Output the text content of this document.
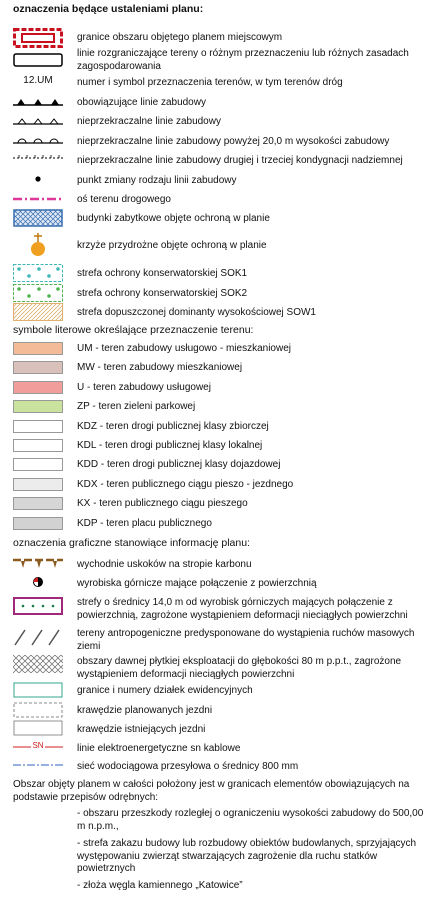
oznaczenia będące ustaleniami planu:
granice obszaru objętego planem miejscowym
linie rozgraniczające tereny o różnym przeznaczeniu lub różnych zasadach zagospodarowania
12.UM	numer i symbol przeznaczenia terenów, w tym terenów dróg
obowiązujące linie zabudowy
nieprzekraczalne linie zabudowy
nieprzekraczalne linie zabudowy powyżej 20,0 m wysokości zabudowy
nieprzekraczalne linie zabudowy drugiej i trzeciej kondygnacji nadziemnej
punkt zmiany rodzaju linii zabudowy
oś terenu drogowego
budynki zabytkowe objęte ochroną w planie
krzyże przydrożne objęte ochroną w planie
strefa ochrony konserwatorskiej SOK1
strefa ochrony konserwatorskiej SOK2
strefa dopuszczonej dominanty wysokościowej SOW1
symbole literowe określające przeznaczenie terenu:
UM - teren zabudowy usługowo - mieszkaniowej
MW - teren zabudowy mieszkaniowej
U - teren zabudowy usługowej
ZP - teren zieleni parkowej
KDZ - teren drogi publicznej klasy zbiorczej
KDL - teren drogi publicznej klasy lokalnej
KDD - teren drogi publicznej klasy dojazdowej
KDX - teren publicznego ciągu pieszo - jezdnego
KX - teren publicznego ciągu pieszego
KDP - teren placu publicznego
oznaczenia graficzne stanowiące informację planu:
wychodnie uskoków na stropie karbonu
wyrobiska górnicze mające połączenie z powierzchnią
strefy o średnicy 14,0 m od wyrobisk górniczych mających połączenie z powierzchnią, zagrożone wystąpieniem deformacji nieciągłych powierzchni
tereny antropogeniczne predysponowane do wystąpienia ruchów masowych ziemi
obszary dawnej płytkiej eksploatacji do głębokości 80 m p.p.t., zagrożone wystąpieniem deformacji nieciągłych powierzchni
granice i numery działek ewidencyjnych
krawędzie planowanych jezdni
krawędzie istniejących jezdni
SN	linie elektroenergetyczne sn kablowe
sieć wodociągowa przesyłowa o średnicy 800 mm
Obszar objęty planem w całości położony jest w granicach elementów obowiązujących na podstawie przepisów odrębnych:
- obszaru przeszkody rozległej o ograniczeniu wysokości zabudowy do 500,00 m n.p.m.,
- strefa zakazu budowy lub rozbudowy obiektów budowlanych, sprzyjających występowaniu zwierząt stwarzających zagrożenie dla ruchu statków powietrznych
- złoża węgla kamiennego „Katowice”
